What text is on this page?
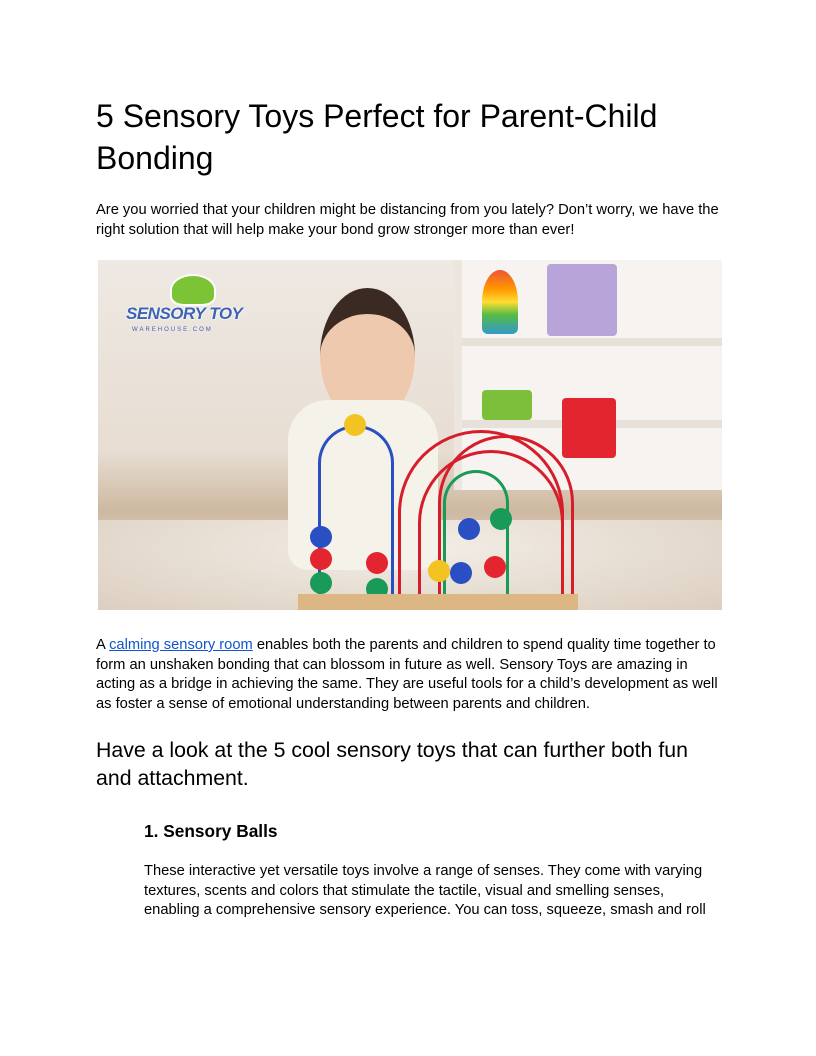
5 Sensory Toys Perfect for Parent-Child Bonding

Are you worried that your children might be distancing from you lately? Don’t worry, we have the right solution that will help make your bond grow stronger more than ever!

SENSORY TOY
WAREHOUSE.COM

A calming sensory room enables both the parents and children to spend quality time together to form an unshaken bonding that can blossom in future as well. Sensory Toys are amazing in acting as a bridge in achieving the same. They are useful tools for a child’s development as well as foster a sense of emotional understanding between parents and children.

Have a look at the 5 cool sensory toys that can further both fun and attachment.
1. Sensory Balls

These interactive yet versatile toys involve a range of senses. They come with varying textures, scents and colors that stimulate the tactile, visual and smelling senses, enabling a comprehensive sensory experience. You can toss, squeeze, smash and roll
